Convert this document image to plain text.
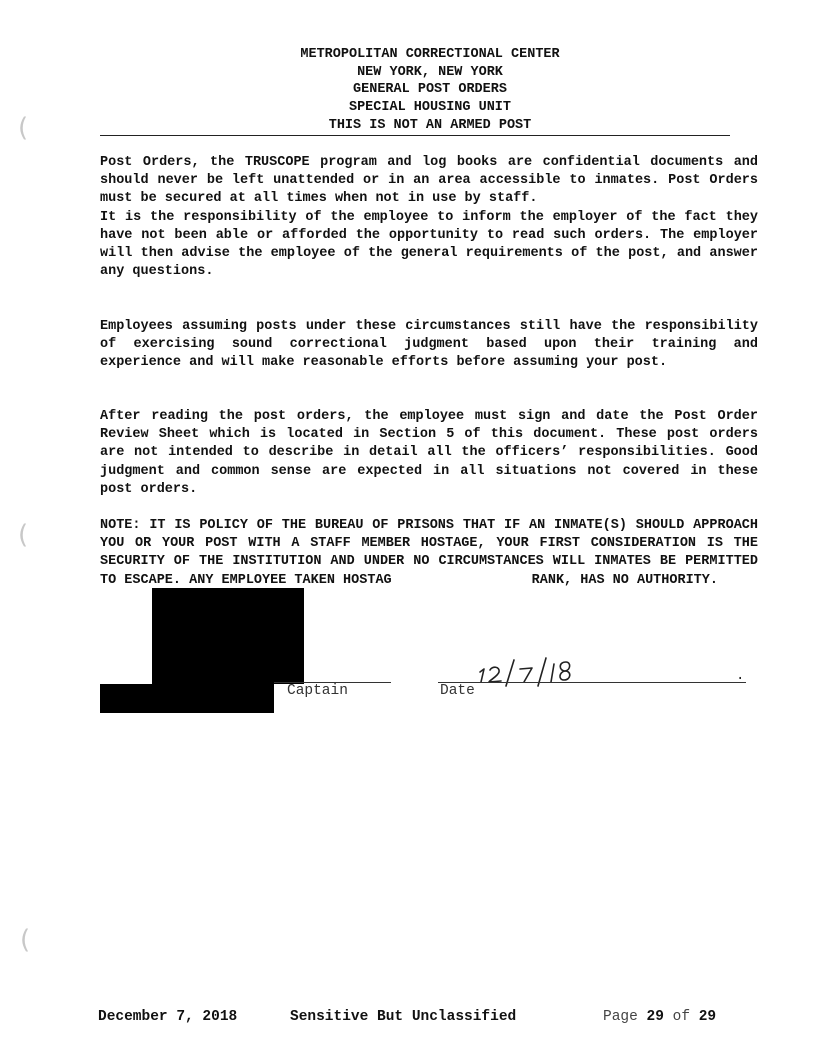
(
(
(
METROPOLITAN CORRECTIONAL CENTER
NEW YORK, NEW YORK
GENERAL POST ORDERS
SPECIAL HOUSING UNIT
THIS IS NOT AN ARMED POST

Post Orders, the TRUSCOPE program and log books are confidential documents and should never be left unattended or in an area accessible to inmates. Post Orders must be secured at all times when not in use by staff.

It is the responsibility of the employee to inform the employer of the fact they have not been able or afforded the opportunity to read such orders. The employer will then advise the employee of the general requirements of the post, and answer any questions.

Employees assuming posts under these circumstances still have the responsibility of exercising sound correctional judgment based upon their training and experience and will make reasonable efforts before assuming your post.

After reading the post orders, the employee must sign and date the Post Order Review Sheet which is located in Section 5 of this document. These post orders are not intended to describe in detail all the officers’ responsibilities. Good judgment and common sense are expected in all situations not covered in these post orders.

NOTE: IT IS POLICY OF THE BUREAU OF PRISONS THAT IF AN INMATE(S) SHOULD APPROACH YOU OR YOUR POST WITH A STAFF MEMBER HOSTAGE, YOUR FIRST CONSIDERATION IS THE SECURITY OF THE INSTITUTION AND UNDER NO CIRCUMSTANCES WILL INMATES BE PERMITTED TO ESCAPE. ANY EMPLOYEE TAKEN HOSTAG	RANK, HAS NO AUTHORITY.

Captain	Date
.
December 7, 2018	Sensitive But Unclassified	Page 29 of 29
